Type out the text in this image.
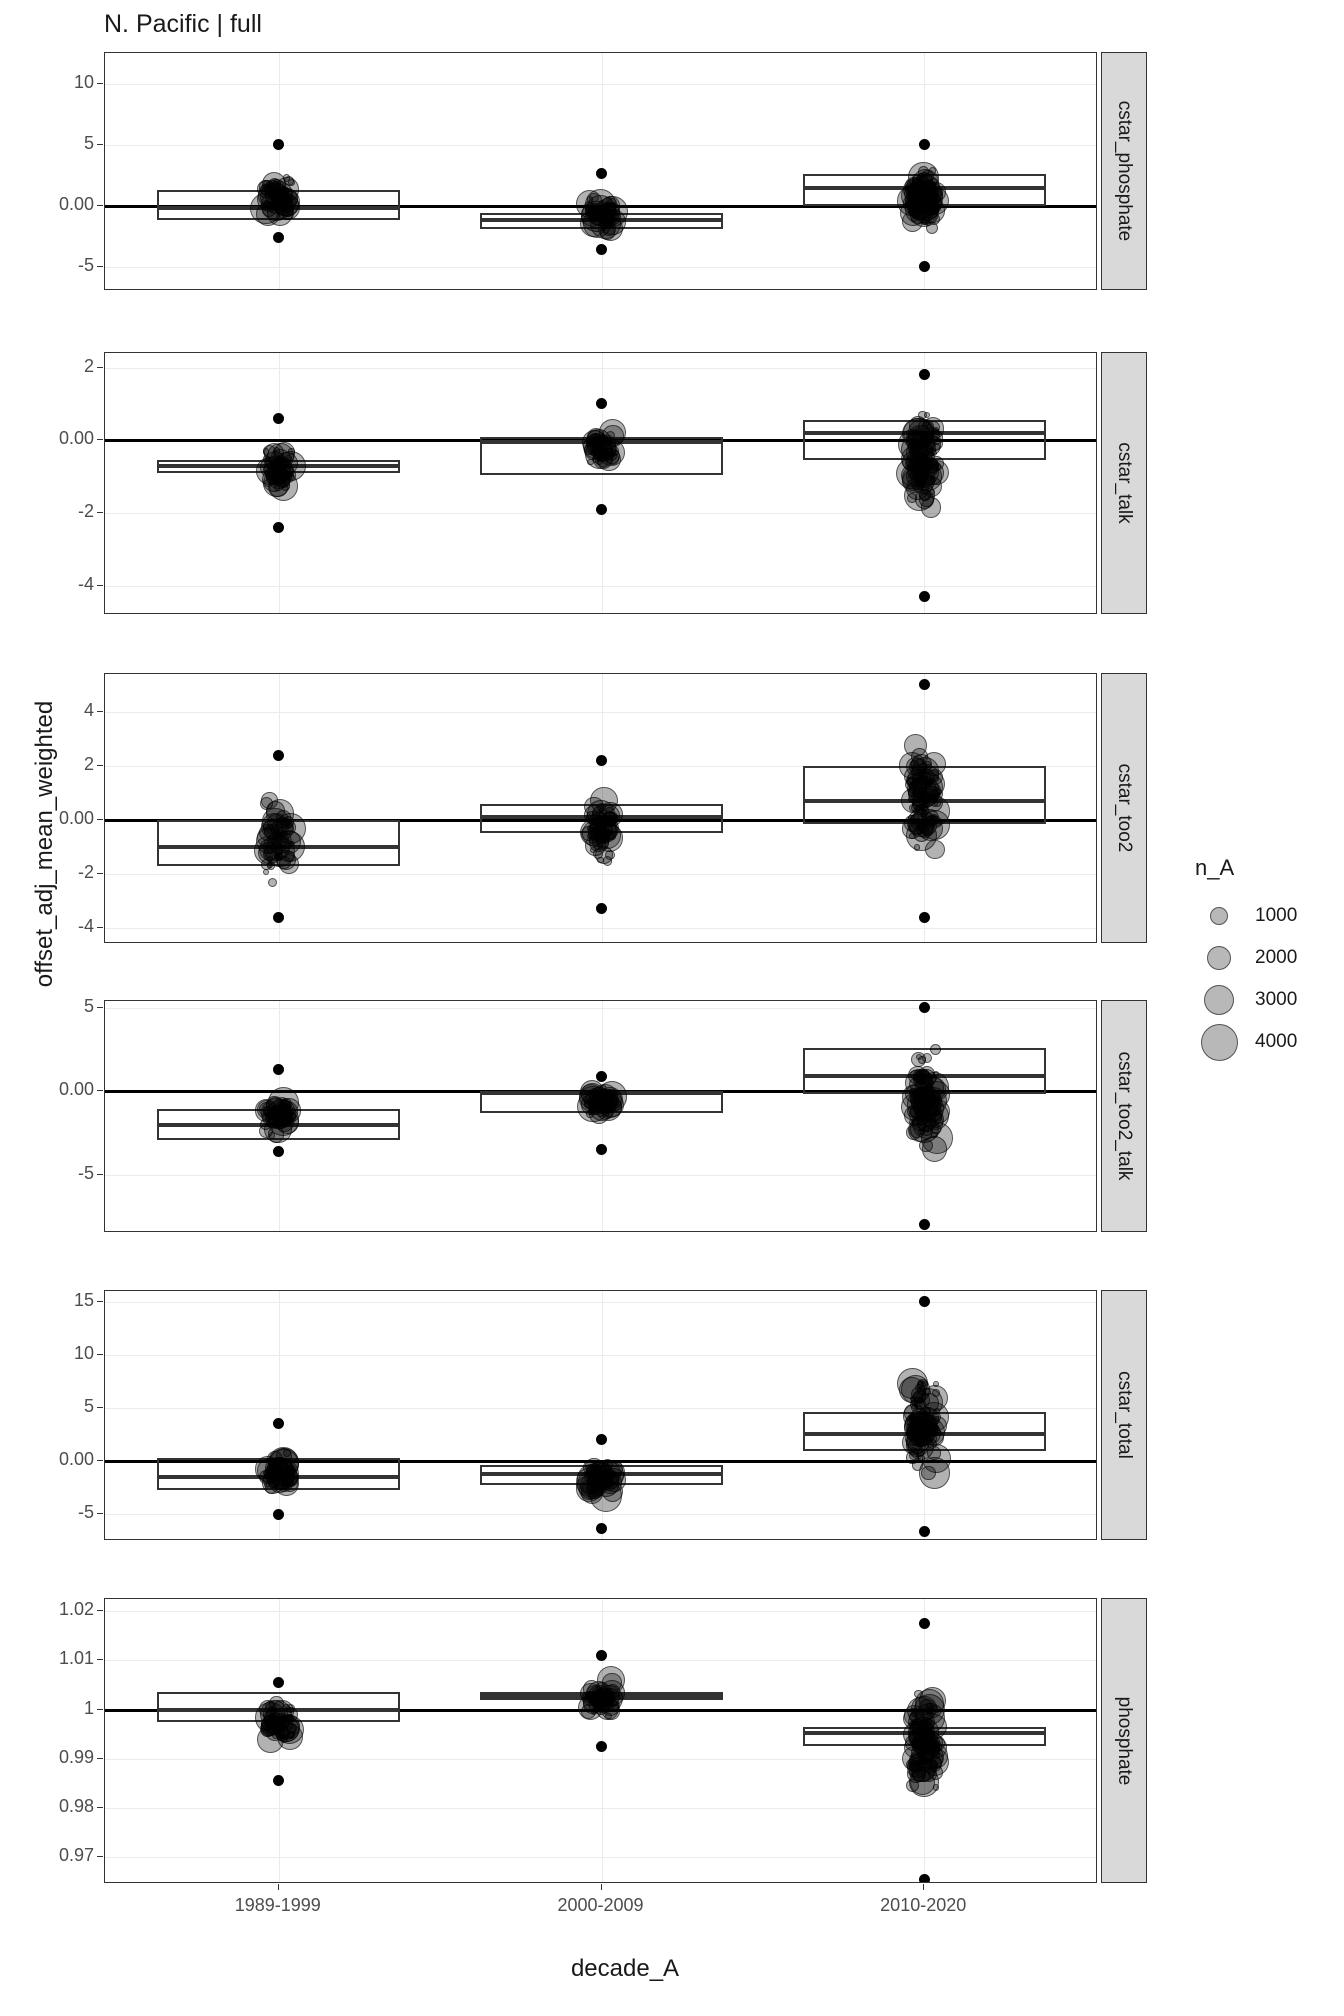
N. Pacific | full
offset_adj_mean_weighted
decade_A
cstar_phosphate
-5
0.00
5
10
cstar_talk
-4
-2
0.00
2
cstar_too2
-4
-2
0.00
2
4
cstar_too2_talk
-5
0.00
5
cstar_total
-5
0.00
5
10
15
phosphate
0.97
0.98
0.99
1
1.01
1.02
1989-1999	2000-2009	2010-2020
n_A
1000
2000
3000
4000
